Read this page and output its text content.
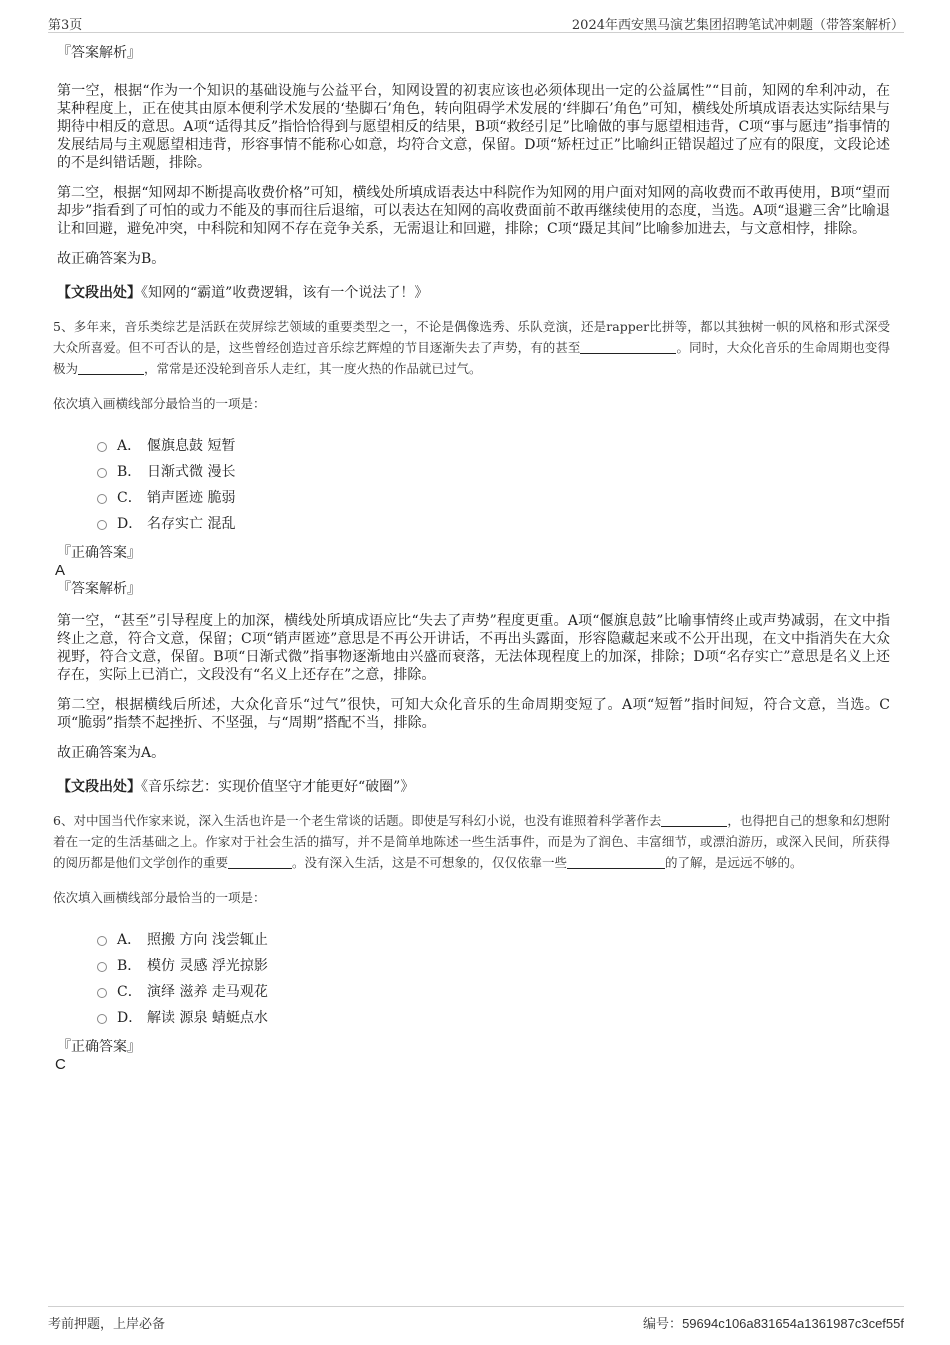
第3页	2024年西安黑马演艺集团招聘笔试冲刺题（带答案解析）

『答案解析』

第一空，根据“作为一个知识的基础设施与公益平台，知网设置的初衷应该也必须体现出一定的公益属性”“目前，知网的牟利冲动，在某种程度上，正在使其由原本便利学术发展的‘垫脚石’角色，转向阻碍学术发展的‘绊脚石’角色”可知，横线处所填成语表达实际结果与期待中相反的意思。A项“适得其反”指恰恰得到与愿望相反的结果，B项“救经引足”比喻做的事与愿望相违背，C项“事与愿违”指事情的发展结局与主观愿望相违背，形容事情不能称心如意，均符合文意，保留。D项“矫枉过正”比喻纠正错误超过了应有的限度，文段论述的不是纠错话题，排除。

第二空，根据“知网却不断提高收费价格”可知，横线处所填成语表达中科院作为知网的用户面对知网的高收费而不敢再使用，B项“望而却步”指看到了可怕的或力不能及的事而往后退缩，可以表达在知网的高收费面前不敢再继续使用的态度，当选。A项“退避三舍”比喻退让和回避，避免冲突，中科院和知网不存在竞争关系，无需退让和回避，排除；C项“蹑足其间”比喻参加进去，与文意相悖，排除。

故正确答案为B。

【文段出处】《知网的“霸道”收费逻辑，该有一个说法了！》

5、多年来，音乐类综艺是活跃在荧屏综艺领域的重要类型之一，不论是偶像选秀、乐队竞演，还是rapper比拼等，都以其独树一帜的风格和形式深受大众所喜爱。但不可否认的是，这些曾经创造过音乐综艺辉煌的节目逐渐失去了声势，有的甚至	。同时，大众化音乐的生命周期也变得极为	，常常是还没轮到音乐人走红，其一度火热的作品就已过气。

依次填入画横线部分最恰当的一项是：

A． 偃旗息鼓 短暂
B． 日渐式微 漫长
C． 销声匿迹 脆弱
D． 名存实亡 混乱

『正确答案』

A

『答案解析』

第一空，“甚至”引导程度上的加深，横线处所填成语应比“失去了声势”程度更重。A项“偃旗息鼓”比喻事情终止或声势减弱，在文中指终止之意，符合文意，保留；C项“销声匿迹”意思是不再公开讲话，不再出头露面，形容隐藏起来或不公开出现，在文中指消失在大众视野，符合文意，保留。B项“日渐式微”指事物逐渐地由兴盛而衰落，无法体现程度上的加深，排除；D项“名存实亡”意思是名义上还存在，实际上已消亡，文段没有“名义上还存在”之意，排除。

第二空，根据横线后所述，大众化音乐“过气”很快，可知大众化音乐的生命周期变短了。A项“短暂”指时间短，符合文意，当选。C项“脆弱”指禁不起挫折、不坚强，与“周期”搭配不当，排除。

故正确答案为A。

【文段出处】《音乐综艺：实现价值坚守才能更好“破圈”》

6、对中国当代作家来说，深入生活也许是一个老生常谈的话题。即使是写科幻小说，也没有谁照着科学著作去	，也得把自己的想象和幻想附着在一定的生活基础之上。作家对于社会生活的描写，并不是简单地陈述一些生活事件，而是为了润色、丰富细节，或漂泊游历，或深入民间，所获得的阅历都是他们文学创作的重要	。没有深入生活，这是不可想象的，仅仅依靠一些	的了解，是远远不够的。

依次填入画横线部分最恰当的一项是：

A． 照搬 方向 浅尝辄止
B． 模仿 灵感 浮光掠影
C． 演绎 滋养 走马观花
D． 解读 源泉 蜻蜓点水

『正确答案』

C

考前押题，上岸必备	编号：59694c106a831654a1361987c3cef55f
